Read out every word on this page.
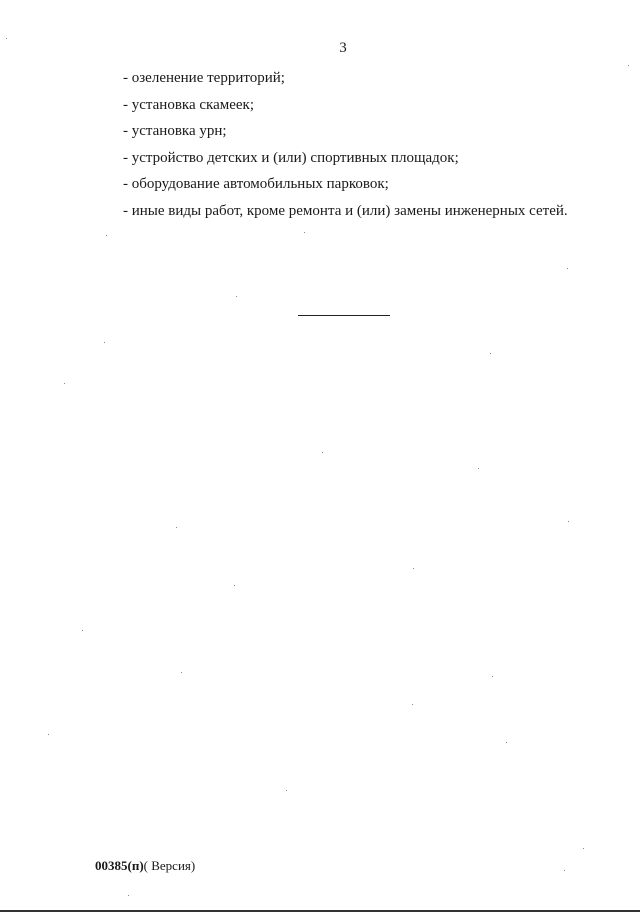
3
- озеленение территорий;
- установка скамеек;
- установка урн;
- устройство детских и (или) спортивных площадок;
- оборудование автомобильных парковок;
- иные виды работ, кроме ремонта и (или) замены инженерных сетей.
00385(п)( Версия)
